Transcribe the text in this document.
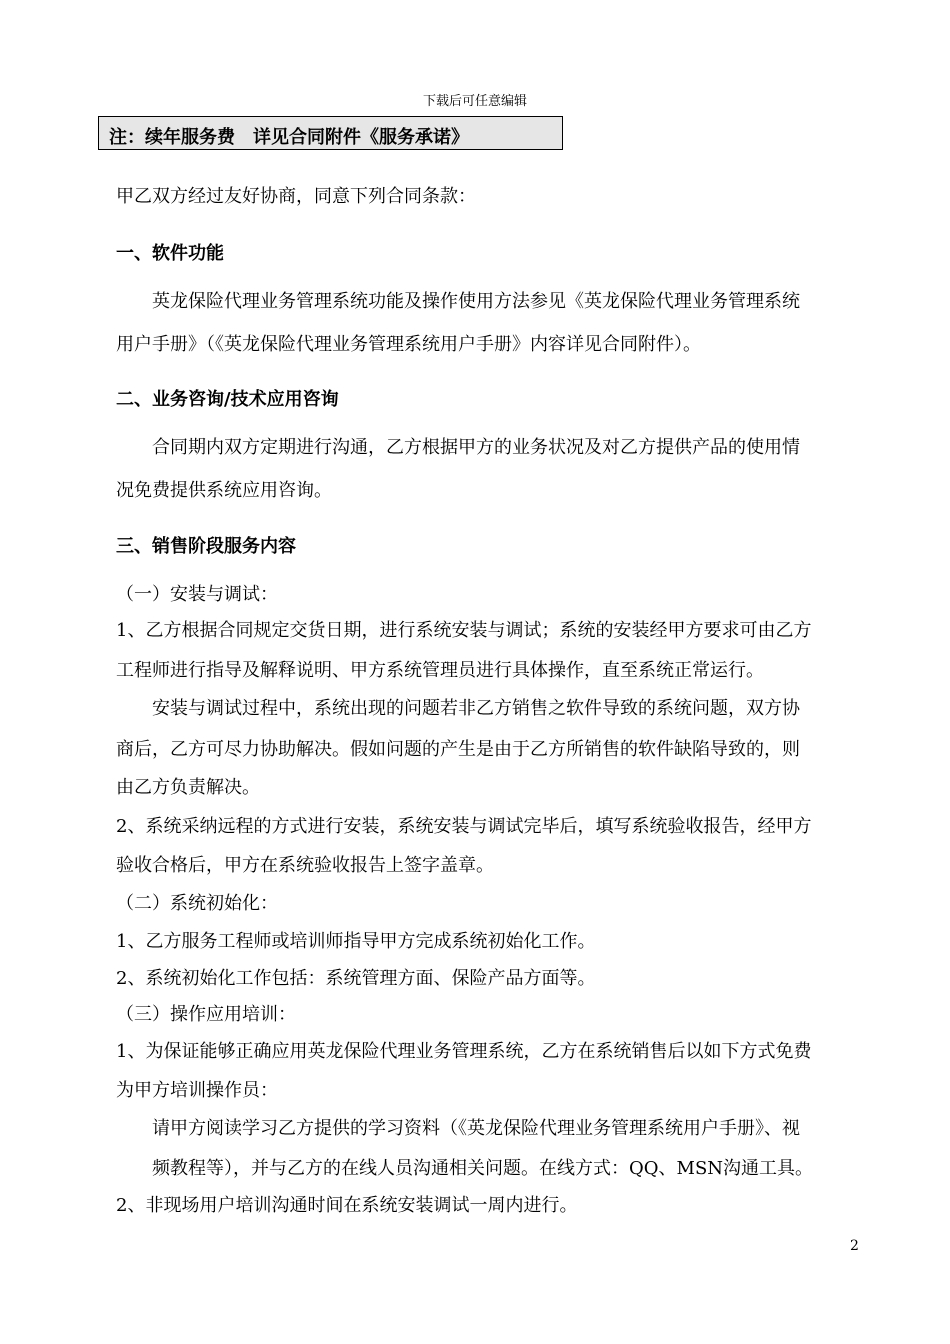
下载后可任意编辑
注：续年服务费　详见合同附件《服务承诺》
甲乙双方经过友好协商，同意下列合同条款：
一、软件功能
英龙保险代理业务管理系统功能及操作使用方法参见《英龙保险代理业务管理系统
用户手册》（《英龙保险代理业务管理系统用户手册》内容详见合同附件）。
二、业务咨询/技术应用咨询
合同期内双方定期进行沟通，乙方根据甲方的业务状况及对乙方提供产品的使用情
况免费提供系统应用咨询。
三、销售阶段服务内容
（一）安装与调试：
1、乙方根据合同规定交货日期，进行系统安装与调试；系统的安装经甲方要求可由乙方
工程师进行指导及解释说明、甲方系统管理员进行具体操作，直至系统正常运行。
安装与调试过程中，系统出现的问题若非乙方销售之软件导致的系统问题，双方协
商后，乙方可尽力协助解决。假如问题的产生是由于乙方所销售的软件缺陷导致的，则
由乙方负责解决。
2、系统采纳远程的方式进行安装，系统安装与调试完毕后，填写系统验收报告，经甲方
验收合格后，甲方在系统验收报告上签字盖章。
（二）系统初始化：
1、乙方服务工程师或培训师指导甲方完成系统初始化工作。
2、系统初始化工作包括：系统管理方面、保险产品方面等。
（三）操作应用培训：
1、为保证能够正确应用英龙保险代理业务管理系统，乙方在系统销售后以如下方式免费
为甲方培训操作员：
请甲方阅读学习乙方提供的学习资料（《英龙保险代理业务管理系统用户手册》、视
频教程等），并与乙方的在线人员沟通相关问题。在线方式：QQ、MSN沟通工具。
2、非现场用户培训沟通时间在系统安装调试一周内进行。
2
